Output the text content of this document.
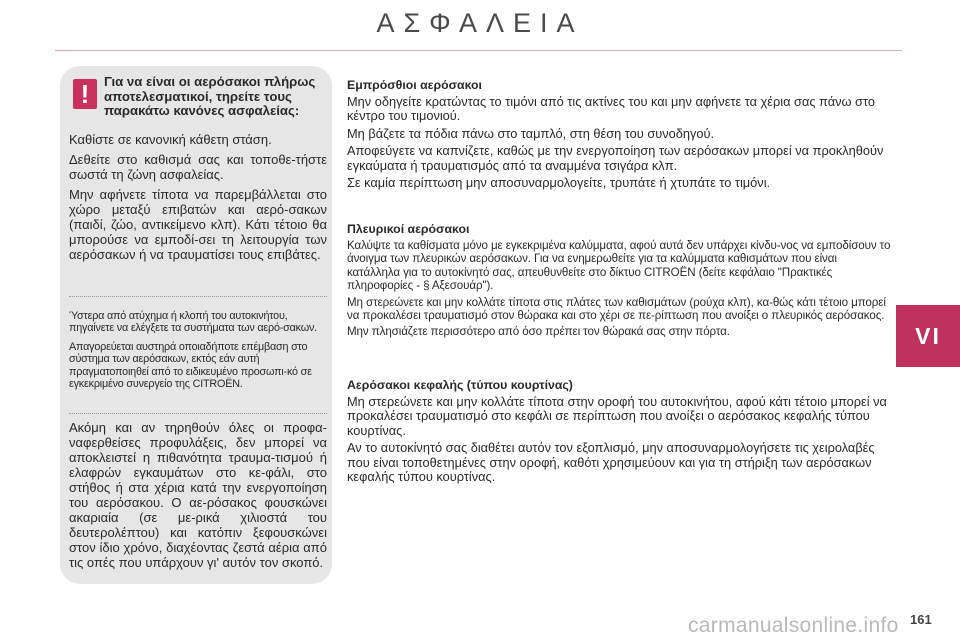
ΑΣΦΑΛΕΙΑ
VI
!	Για να είναι οι αερόσακοι πλήρως αποτελεσματικοί, τηρείτε τους παρακάτω κανόνες ασφαλείας:

Καθίστε σε κανονική κάθετη στάση.

Δεθείτε στο καθισμά σας και τοποθε-τήστε σωστά τη ζώνη ασφαλείας.

Μην αφήνετε τίποτα να παρεμβάλλεται στο χώρο μεταξύ επιβατών και αερό-σακων (παιδί, ζώο, αντικείμενο κλπ). Κάτι τέτοιο θα μπορούσε να εμποδί-σει τη λειτουργία των αερόσακων ή να τραυματίσει τους επιβάτες.

Ύστερα από ατύχημα ή κλοπή του αυτοκινήτου, πηγαίνετε να ελέγξετε τα συστήματα των αερό-σακων.

Απαγορεύεται αυστηρά οποιαδήποτε επέμβαση στο σύστημα των αερόσακων, εκτός εάν αυτή πραγματοποιηθεί από το ειδικευμένο προσωπι-κό σε εγκεκριμένο συνεργείο της CITROËN.

Ακόμη και αν τηρηθούν όλες οι προφα-ναφερθείσες προφυλάξεις, δεν μπορεί να αποκλειστεί η πιθανότητα τραυμα-τισμού ή ελαφρών εγκαυμάτων στο κε-φάλι, στο στήθος ή στα χέρια κατά την ενεργοποίηση του αερόσακου. Ο αε-ρόσακος φουσκώνει ακαριαία (σε με-ρικά χιλιοστά του δευτερολέπτου) και κατόπιν ξεφουσκώνει στον ίδιο χρόνο, διαχέοντας ζεστά αέρια από τις οπές που υπάρχουν γι' αυτόν τον σκοπό.

Εμπρόσθιοι αερόσακοι

Μην οδηγείτε κρατώντας το τιμόνι από τις ακτίνες του και μην αφήνετε τα χέρια σας πάνω στο κέντρο του τιμονιού.

Μη βάζετε τα πόδια πάνω στο ταμπλό, στη θέση του συνοδηγού.

Αποφεύγετε να καπνίζετε, καθώς με την ενεργοποίηση των αερόσακων μπορεί να προκληθούν εγκαύματα ή τραυματισμός από τα αναμμένα τσιγάρα κλπ.

Σε καμία περίπτωση μην αποσυναρμολογείτε, τρυπάτε ή χτυπάτε το τιμόνι.

Πλευρικοί αερόσακοι

Καλύψτε τα καθίσματα μόνο με εγκεκριμένα καλύμματα, αφού αυτά δεν υπάρχει κίνδυ-νος να εμποδίσουν το άνοιγμα των πλευρικών αερόσακων. Για να ενημερωθείτε για τα καλύμματα καθισμάτων που είναι κατάλληλα για το αυτοκίνητό σας, απευθυνθείτε στο δίκτυο CITROËN (δείτε κεφάλαιο "Πρακτικές πληροφορίες - § Αξεσουάρ").

Μη στερεώνετε και μην κολλάτε τίποτα στις πλάτες των καθισμάτων (ρούχα κλπ), κα-θώς κάτι τέτοιο μπορεί να προκαλέσει τραυματισμό στον θώρακα και στο χέρι σε πε-ρίπτωση που ανοίξει ο πλευρικός αερόσακος.

Μην πλησιάζετε περισσότερο από όσο πρέπει τον θώρακά σας στην πόρτα.

Αερόσακοι κεφαλής (τύπου κουρτίνας)

Μη στερεώνετε και μην κολλάτε τίποτα στην οροφή του αυτοκινήτου, αφού κάτι τέτοιο μπορεί να προκαλέσει τραυματισμό στο κεφάλι σε περίπτωση που ανοίξει ο αερόσακος κεφαλής τύπου κουρτίνας.

Αν το αυτοκίνητό σας διαθέτει αυτόν τον εξοπλισμό, μην αποσυναρμολογήσετε τις χειρολαβές που είναι τοποθετημένες στην οροφή, καθότι χρησιμεύουν και για τη στήριξη των αερόσακων κεφαλής τύπου κουρτίνας.

carmanualsonline.info 161
